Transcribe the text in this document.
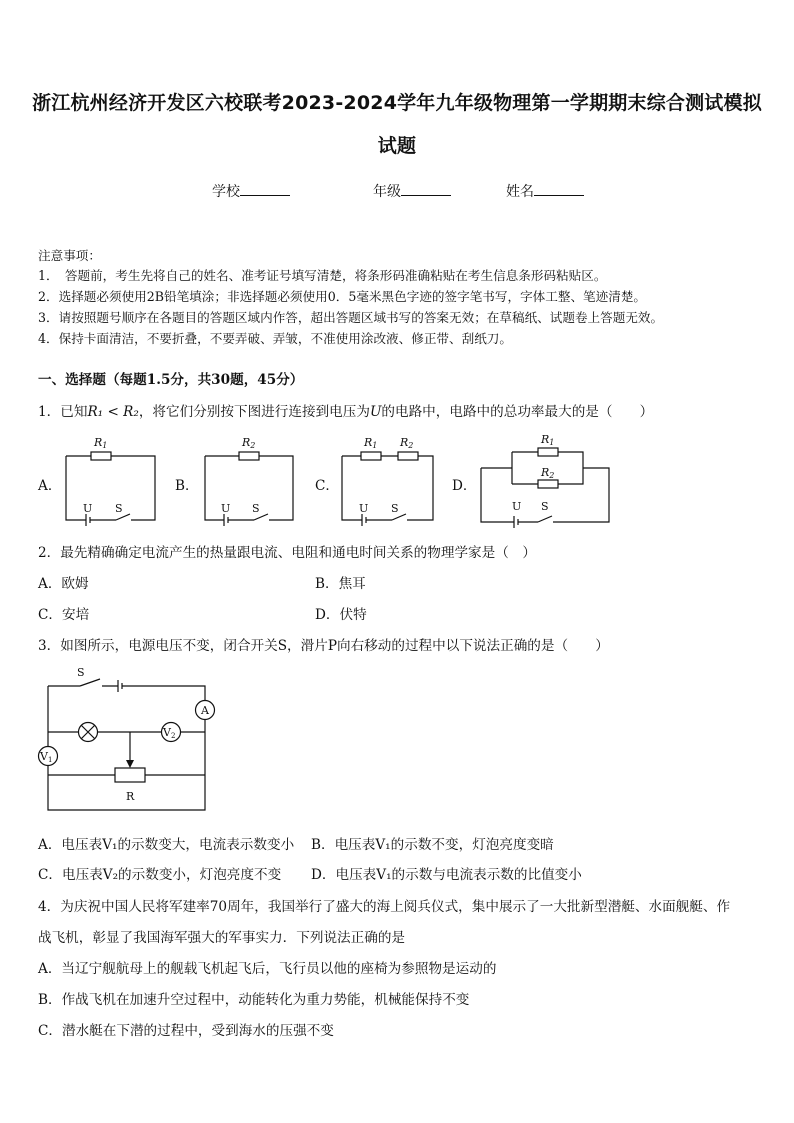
浙江杭州经济开发区六校联考2023-2024学年九年级物理第一学期期末综合测试模拟
试题
学校	年级	姓名
注意事项：
1．　答题前，考生先将自己的姓名、准考证号填写清楚，将条形码准确粘贴在考生信息条形码粘贴区。
2．选择题必须使用2B铅笔填涂；非选择题必须使用0．5毫米黑色字迹的签字笔书写，字体工整、笔迹清楚。
3．请按照题号顺序在各题目的答题区域内作答，超出答题区域书写的答案无效；在草稿纸、试题卷上答题无效。
4．保持卡面清洁，不要折叠，不要弄破、弄皱，不准使用涂改液、修正带、刮纸刀。
一、选择题（每题1.5分，共30题，45分）
1．已知R₁ < R₂，将它们分别按下图进行连接到电压为U的电路中，电路中的总功率最大的是（　　）
A．	B．	C．	D．
R1	R2	R1 R2	R1
R2
U S	U S	U S	U S
2．最先精确确定电流产生的热量跟电流、电阻和通电时间关系的物理学家是（　）
A．欧姆	B．焦耳
C．安培	D．伏特
3．如图所示，电源电压不变，闭合开关S，滑片P向右移动的过程中以下说法正确的是（　　）
S
A
V1
V2
R
A．电压表V₁的示数变大，电流表示数变小 B．电压表V₁的示数不变，灯泡亮度变暗
C．电压表V₂的示数变小，灯泡亮度不变 D．电压表V₁的示数与电流表示数的比值变小
4．为庆祝中国人民将军建率70周年，我国举行了盛大的海上阅兵仪式，集中展示了一大批新型潜艇、水面舰艇、作
战飞机，彰显了我国海军强大的军事实力．下列说法正确的是
A．当辽宁舰航母上的舰载飞机起飞后，飞行员以他的座椅为参照物是运动的
B．作战飞机在加速升空过程中，动能转化为重力势能，机械能保持不变
C．潜水艇在下潜的过程中，受到海水的压强不变
